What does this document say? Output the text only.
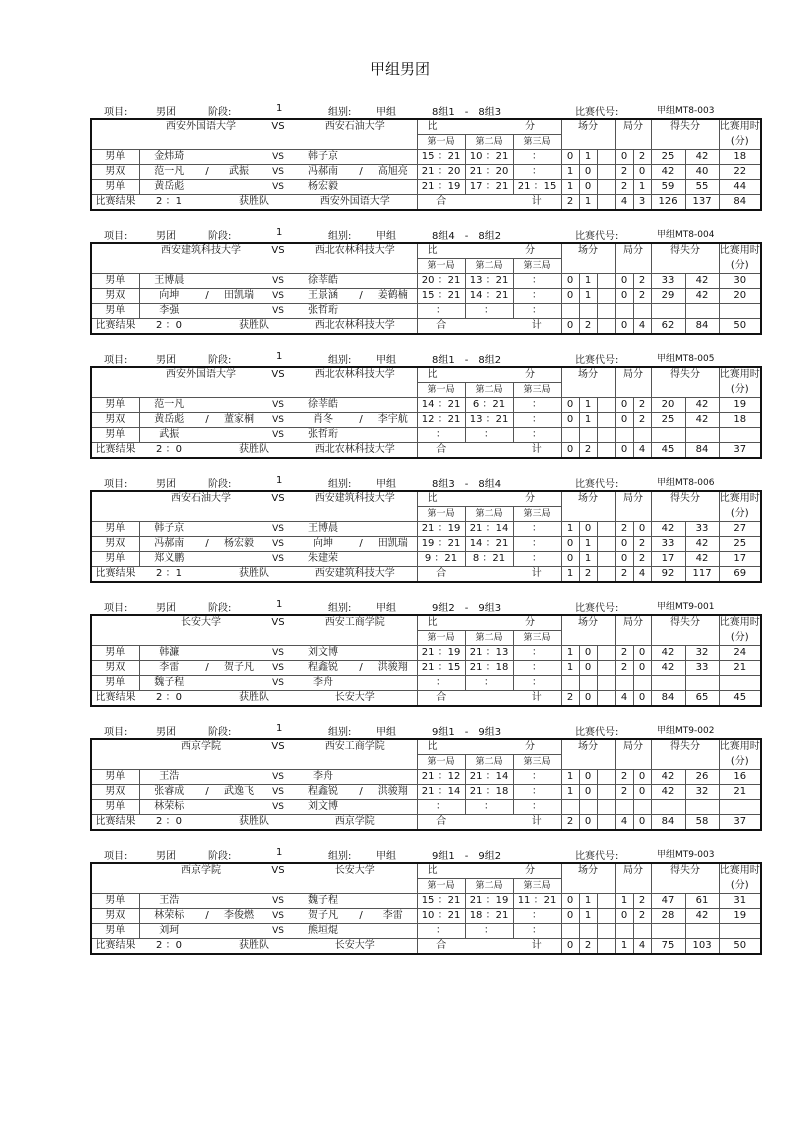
甲组男团
项目:	男团	阶段:	1	组别: 甲组	8组1　-　8组3	比赛代号:	甲组MT8-003
	西安外国语大学			VS	西安石油大学			比		分	场分			局分		得失分		比赛用时
								第一局	第二局	第三局								(分)
男单	金炜琦			VS	韩子京			15 ：21	10 ：21	：	0	1		0	2	25	42	18
男双	范一凡	/	武振	VS	冯郝南	/	高旭亮	21 ：20	21 ：20	：	1	0		2	0	42	40	22
男单	黄岳彪			VS	杨宏毅			21 ：19	17 ：21	21 ：15	1	0		2	1	59	55	44
比赛结果	2 ：1		获胜队		西安外国语大学			合		计	2	1		4	3	126	137	84
项目:	男团	阶段:	1	组别: 甲组	8组4　-　8组2	比赛代号:	甲组MT8-004
	西安建筑科技大学			VS	西北农林科技大学			比		分	场分			局分		得失分		比赛用时
								第一局	第二局	第三局								(分)
男单	王博晨			VS	徐莘皓			20 ：21	13 ：21	：	0	1		0	2	33	42	30
男双	向坤	/	田凯瑞	VS	王景涵	/	姜鹤楠	15 ：21	14 ：21	：	0	1		0	2	29	42	20
男单	李强			VS	张哲珩			：	：	：								
比赛结果	2 ：0		获胜队		西北农林科技大学			合		计	0	2		0	4	62	84	50
项目:	男团	阶段:	1	组别: 甲组	8组1　-　8组2	比赛代号:	甲组MT8-005
	西安外国语大学			VS	西北农林科技大学			比		分	场分			局分		得失分		比赛用时
								第一局	第二局	第三局								(分)
男单	范一凡			VS	徐莘皓			14 ：21	6 ：21	：	0	1		0	2	20	42	19
男双	黄岳彪	/	董家桐	VS	肖冬	/	李宇航	12 ：21	13 ：21	：	0	1		0	2	25	42	18
男单	武振			VS	张哲珩			：	：	：								
比赛结果	2 ：0		获胜队		西北农林科技大学			合		计	0	2		0	4	45	84	37
项目:	男团	阶段:	1	组别: 甲组	8组3　-　8组4	比赛代号:	甲组MT8-006
	西安石油大学			VS	西安建筑科技大学			比		分	场分			局分		得失分		比赛用时
								第一局	第二局	第三局								(分)
男单	韩子京			VS	王博晨			21 ：19	21 ：14	：	1	0		2	0	42	33	27
男双	冯郝南	/	杨宏毅	VS	向坤	/	田凯瑞	19 ：21	14 ：21	：	0	1		0	2	33	42	25
男单	郑义鹏			VS	朱建荣			9 ：21	8 ：21	：	0	1		0	2	17	42	17
比赛结果	2 ：1		获胜队		西安建筑科技大学			合		计	1	2		2	4	92	117	69
项目:	男团	阶段:	1	组别: 甲组	9组2　-　9组3	比赛代号:	甲组MT9-001
	长安大学			VS	西安工商学院			比		分	场分			局分		得失分		比赛用时
								第一局	第二局	第三局								(分)
男单	韩濂			VS	刘文博			21 ：19	21 ：13	：	1	0		2	0	42	32	24
男双	李雷	/	贺子凡	VS	程鑫锐	/	洪骏翔	21 ：15	21 ：18	：	1	0		2	0	42	33	21
男单	魏子程			VS	李舟			：	：	：								
比赛结果	2 ：0		获胜队		长安大学			合		计	2	0		4	0	84	65	45
项目:	男团	阶段:	1	组别: 甲组	9组1　-　9组3	比赛代号:	甲组MT9-002
	西京学院			VS	西安工商学院			比		分	场分			局分		得失分		比赛用时
								第一局	第二局	第三局								(分)
男单	王浩			VS	李舟			21 ：12	21 ：14	：	1	0		2	0	42	26	16
男双	张睿成	/	武逸飞	VS	程鑫锐	/	洪骏翔	21 ：14	21 ：18	：	1	0		2	0	42	32	21
男单	林荣标			VS	刘文博			：	：	：								
比赛结果	2 ：0		获胜队		西京学院			合		计	2	0		4	0	84	58	37
项目:	男团	阶段:	1	组别: 甲组	9组1　-　9组2	比赛代号:	甲组MT9-003
	西京学院			VS	长安大学			比		分	场分			局分		得失分		比赛用时
								第一局	第二局	第三局								(分)
男单	王浩			VS	魏子程			15 ：21	21 ：19	11 ：21	0	1		1	2	47	61	31
男双	林荣标	/	李俊燃	VS	贺子凡	/	李雷	10 ：21	18 ：21	：	0	1		0	2	28	42	19
男单	刘珂			VS	熊垣焜			：	：	：								
比赛结果	2 ：0		获胜队		长安大学			合		计	0	2		1	4	75	103	50
